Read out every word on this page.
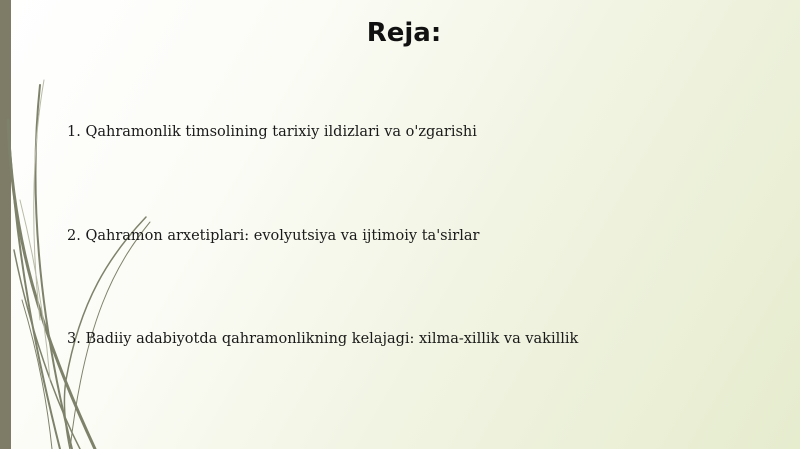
Reja:
1. Qahramonlik timsolining tarixiy ildizlari va o'zgarishi
2. Qahramon arxetiplari: evolyutsiya va ijtimoiy ta'sirlar
3. Badiiy adabiyotda qahramonlikning kelajagi: xilma-xillik va vakillik
